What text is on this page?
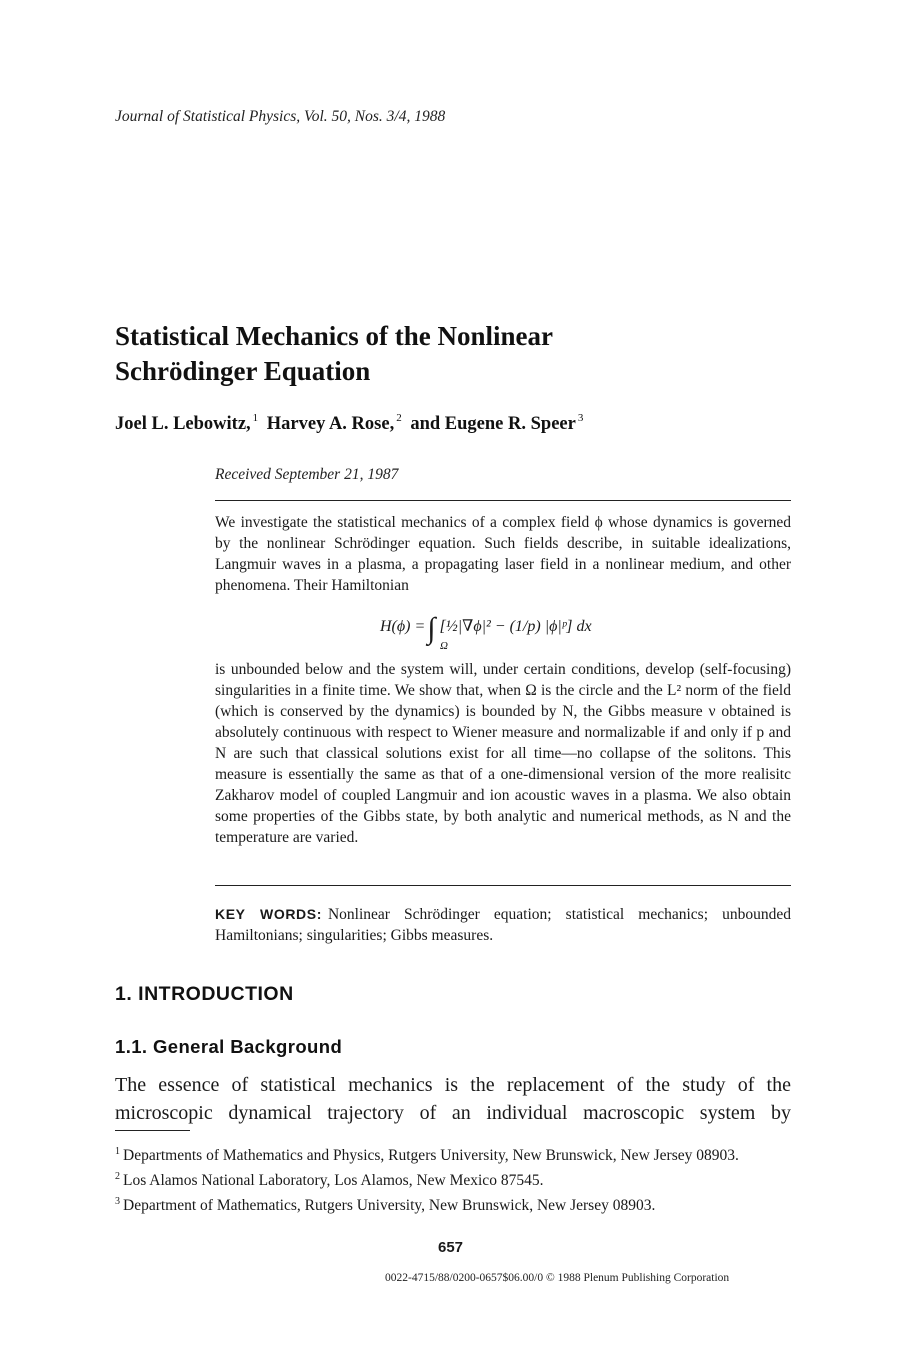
Journal of Statistical Physics, Vol. 50, Nos. 3/4, 1988
Statistical Mechanics of the Nonlinear
Schrödinger Equation
Joel L. Lebowitz, $^1$ Harvey A. Rose, $^2$ and Eugene R. Speer $^3$
Received September 21, 1987
We investigate the statistical mechanics of a complex field ϕ whose dynamics is governed by the nonlinear Schrödinger equation. Such fields describe, in suitable idealizations, Langmuir waves in a plasma, a propagating laser field in a nonlinear medium, and other phenomena. Their Hamiltonian
H(ϕ) =∫
Ω
[½|∇ϕ|² − (1/p) |ϕ|ᵖ] dx
is unbounded below and the system will, under certain conditions, develop (self-focusing) singularities in a finite time. We show that, when Ω is the circle and the L² norm of the field (which is conserved by the dynamics) is bounded by N, the Gibbs measure ν obtained is absolutely continuous with respect to Wiener measure and normalizable if and only if p and N are such that classical solutions exist for all time—no collapse of the solitons. This measure is essentially the same as that of a one-dimensional version of the more realisitc Zakharov model of coupled Langmuir and ion acoustic waves in a plasma. We also obtain some properties of the Gibbs state, by both analytic and numerical methods, as N and the temperature are varied.
KEY WORDS: Nonlinear Schrödinger equation; statistical mechanics; unbounded Hamiltonians; singularities; Gibbs measures.
1. INTRODUCTION
1.1. General Background
The essence of statistical mechanics is the replacement of the study of the microscopic dynamical trajectory of an individual macroscopic system by
$^1$ Departments of Mathematics and Physics, Rutgers University, New Brunswick, New Jersey 08903.
$^2$ Los Alamos National Laboratory, Los Alamos, New Mexico 87545.
$^3$ Department of Mathematics, Rutgers University, New Brunswick, New Jersey 08903.
657
0022-4715/88/0200-0657$06.00/0 © 1988 Plenum Publishing Corporation
